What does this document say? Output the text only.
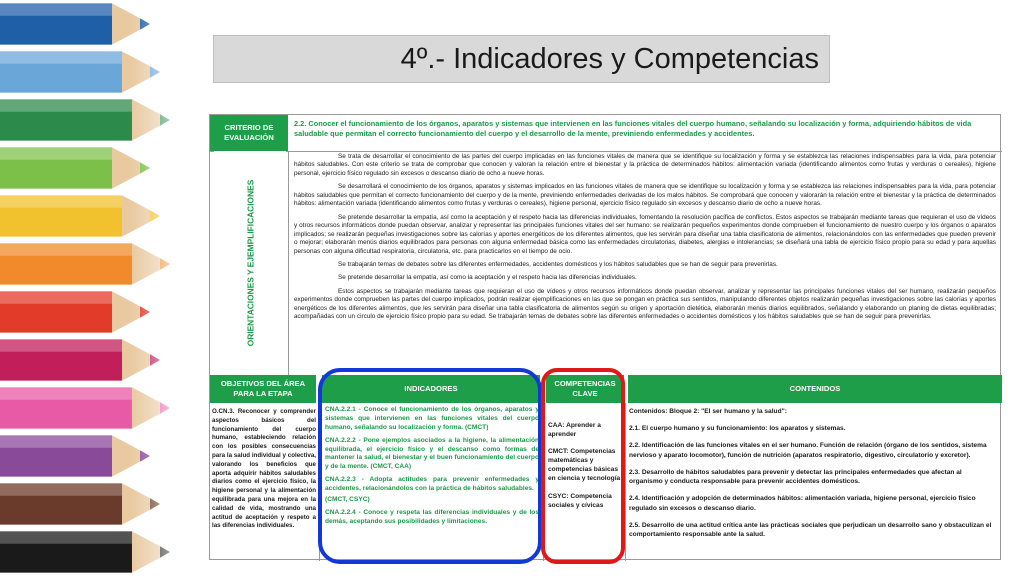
4º.- Indicadores y Competencias
CRITERIO DE EVALUACIÓN
2.2. Conocer el funcionamiento de los órganos, aparatos y sistemas que intervienen en las funciones vitales del cuerpo humano, señalando su localización y forma, adquiriendo hábitos de vida saludable que permitan el correcto funcionamiento del cuerpo y el desarrollo de la mente, previniendo enfermedades y accidentes.
ORIENTACIONES Y EJEMPLIFICACIONES

Se trata de desarrollar el conocimiento de las partes del cuerpo implicadas en las funciones vitales de manera que se identifique su localización y forma y se establezca las relaciones indispensables para la vida, para potenciar hábitos saludables. Con este criterio se trata de comprobar que conocen y valoran la relación entre el bienestar y la práctica de determinados hábitos: alimentación variada (identificando alimentos como frutas y verduras o cereales), higiene personal, ejercicio físico regulado sin excesos o descanso diario de ocho a nueve horas.

Se desarrollará el conocimiento de los órganos, aparatos y sistemas implicados en las funciones vitales de manera que se identifique su localización y forma y se establezca las relaciones indispensables para la vida, para potenciar hábitos saludables que permitan el correcto funcionamiento del cuerpo y de la mente, previniendo enfermedades derivadas de los malos hábitos. Se comprobará que conocen y valorarán la relación entre el bienestar y la práctica de determinados hábitos: alimentación variada (identificando alimentos como frutas y verduras o cereales), higiene personal, ejercicio físico regulado sin excesos y descanso diario de ocho a nueve horas.

Se pretende desarrollar la empatía, así como la aceptación y el respeto hacia las diferencias individuales, fomentando la resolución pacífica de conflictos. Estos aspectos se trabajarán mediante tareas que requieran el uso de vídeos y otros recursos informáticos donde puedan observar, analizar y representar las principales funciones vitales del ser humano: se realizarán pequeños experimentos donde comprueben el funcionamiento de nuestro cuerpo y los órganos o aparatos implicados; se realizarán pequeñas investigaciones sobre las calorías y aportes energéticos de los diferentes alimentos, que les servirán para diseñar una tabla clasificatoria de alimentos, relacionándolos con las enfermedades que pueden prevenir o mejorar; elaborarán menús diarios equilibrados para personas con alguna enfermedad básica como las enfermedades circulatorias, diabetes, alergias e intolerancias; se diseñará una tabla de ejercicio físico propio para su edad y para aquellas personas con alguna dificultad respiratoria, circulatoria, etc. para practicarlos en el tiempo de ocio.

Se trabajarán temas de debates sobre las diferentes enfermedades, accidentes domésticos y los hábitos saludables que se han de seguir para prevenirlas.

Se pretende desarrollar la empatía, así como la aceptación y el respeto hacia las diferencias individuales.

Estos aspectos se trabajarán mediante tareas que requieran el uso de vídeos y otros recursos informáticos donde puedan observar, analizar y representar las principales funciones vitales del ser humano, realizarán pequeños experimentos donde comprueben las partes del cuerpo implicados, podrán realizar ejemplificaciones en las que se pongan en práctica sus sentidos, manipulando diferentes objetos realizarán pequeñas investigaciones sobre las calorías y aportes energéticos de los diferentes alimentos, que les servirán para diseñar una tabla clasificatoria de alimentos según su origen y aportación dietética, elaborarán menús diarios equilibrados, señalando y elaborando un planing de dietas equilibradas; acompañadas con un circulo de ejercicio físico propio para su edad. Se trabajarán temas de debates sobre las diferentes enfermedades o accidentes domésticos y los hábitos saludables que se han de seguir para prevenirlas.

OBJETIVOS DEL ÁREA PARA LA ETAPA
INDICADORES
COMPETENCIAS CLAVE
CONTENIDOS
O.CN.3. Reconocer y comprender aspectos básicos del funcionamiento del cuerpo humano, estableciendo relación con los posibles consecuencias para la salud individual y colectiva, valorando los beneficios que aporta adquirir hábitos saludables diarios como el ejercicio físico, la higiene personal y la alimentación equilibrada para una mejora en la calidad de vida, mostrando una actitud de aceptación y respeto a las diferencias individuales.

CNA.2.2.1 - Conoce el funcionamiento de los órganos, aparatos y sistemas que intervienen en las funciones vitales del cuerpo humano, señalando su localización y forma. (CMCT)

CNA.2.2.2 - Pone ejemplos asociados a la higiene, la alimentación equilibrada, el ejercicio físico y el descanso como formas de mantener la salud, el bienestar y el buen funcionamiento del cuerpo y de la mente. (CMCT, CAA)

CNA.2.2.3 - Adopta actitudes para prevenir enfermedades y accidentes, relacionándolos con la práctica de hábitos saludables.

(CMCT, CSYC)

CNA.2.2.4 - Conoce y respeta las diferencias individuales y de los demás, aceptando sus posibilidades y limitaciones.

CAA: Aprender a aprender

CMCT: Competencias matemáticas y competencias básicas en ciencia y tecnología

CSYC: Competencia sociales y cívicas

Contenidos: Bloque 2: "El ser humano y la salud":

2.1. El cuerpo humano y su funcionamiento: los aparatos y sistemas.

2.2. Identificación de las funciones vitales en el ser humano. Función de relación (órgano de los sentidos, sistema nervioso y aparato locomotor), función de nutrición (aparatos respiratorio, digestivo, circulatorio y excretor).

2.3. Desarrollo de hábitos saludables para prevenir y detectar las principales enfermedades que afectan al organismo y conducta responsable para prevenir accidentes domésticos.

2.4. Identificación y adopción de determinados hábitos: alimentación variada, higiene personal, ejercicio físico regulado sin excesos o descanso diario.

2.5. Desarrollo de una actitud crítica ante las prácticas sociales que perjudican un desarrollo sano y obstaculizan el comportamiento responsable ante la salud.
